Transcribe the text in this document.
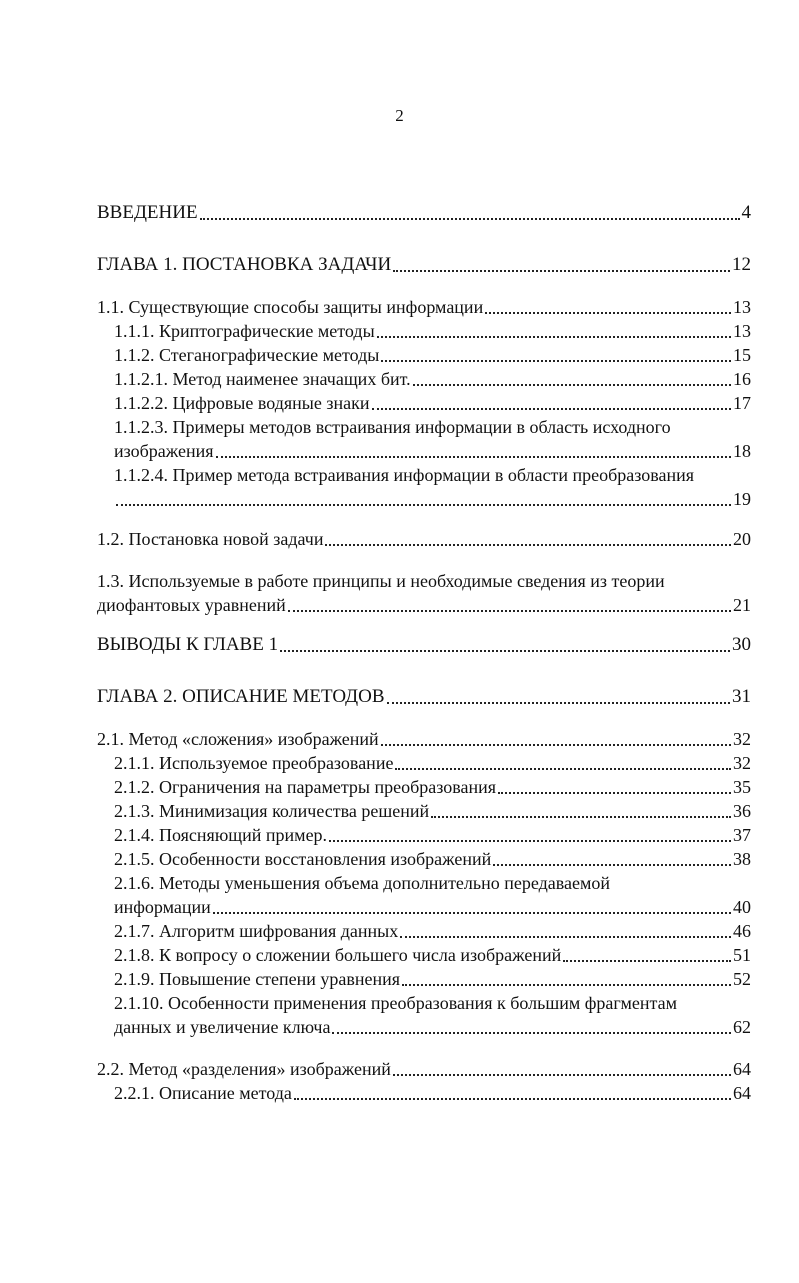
2
ВВЕДЕНИЕ	4
ГЛАВА 1. ПОСТАНОВКА ЗАДАЧИ	12
1.1. Существующие способы защиты информации	13
1.1.1. Криптографические методы	13
1.1.2. Стеганографические методы	15
1.1.2.1. Метод наименее значащих бит.	16
1.1.2.2. Цифровые водяные знаки	17
1.1.2.3. Примеры методов встраивания информации в область исходного
изображения	18
1.1.2.4. Пример метода встраивания информации в области преобразования
19
1.2. Постановка новой задачи	20
1.3. Используемые в работе принципы и необходимые сведения из теории
диофантовых уравнений	21
ВЫВОДЫ К ГЛАВЕ 1	30
ГЛАВА 2. ОПИСАНИЕ МЕТОДОВ	31
2.1. Метод «сложения» изображений	32
2.1.1. Используемое преобразование	32
2.1.2. Ограничения на параметры преобразования	35
2.1.3. Минимизация количества решений	36
2.1.4. Поясняющий пример.	37
2.1.5. Особенности восстановления изображений	38
2.1.6. Методы уменьшения объема дополнительно передаваемой
информации	40
2.1.7. Алгоритм шифрования данных	46
2.1.8. К вопросу о сложении большего числа изображений	51
2.1.9. Повышение степени уравнения	52
2.1.10. Особенности применения преобразования к большим фрагментам
данных и увеличение ключа	62
2.2. Метод «разделения» изображений	64
2.2.1. Описание метода	64
